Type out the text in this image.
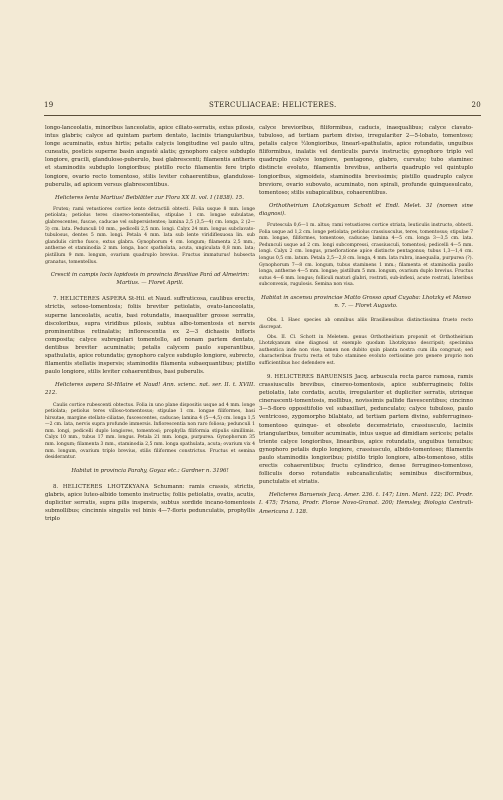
19	STERCULIACEAE: HELICTERES.	20

longo-lanceolatis, minoribus lanceolatis, apice ciliato-serratis, extus pilosis, intus glabris; calyce ad quintam partem dentato, laciniis triangularibus, longe acuminatis, extus hirtis; petalis calycis longitudine vel paulo ultra, cuneatis, posticis superne basin angustè alatis; gynophoro calyce subduplo longiore, gracili, glandulose-puberulo, basi glabrescenti; filamentis antheris et staminodiis subduplo longioribus; pistillo recto filamentis fere triplo longiore, ovario recto tomentoso, stilis leviter cohaerentibus, glandulose-puberulis, ad apicem versus glabrescentibus.

Helicteres lenta Martius! Beiblätter zur Flora XX II. vol. I (1838). 15.

Frutex; rami vetustiores cortice lento detractili obtecti. Folia usque 8 mm. longe petiolata; petiolus teres cinereo-tomentellus, stipulae 1 cm. longae subulatae, glabrescentes, fuscae, caducae vel subpersistentes; lamina 2,5 (3,5—4) cm. longa, 2 (2—3) cm. lata. Pedunculi 10 mm., pedicelli 2,5 mm. longi. Calyx 24 mm. longus subclavato-tubulosus, dentes 5 mm. longi. Petala 4 mm. lata sub lente viridiflexuosa lin. sub glandulis cirrho fusco, extus glabra. Gynophorum 4 cm. longum; filamenta 2,5 mm., antherae et staminodia 2 mm. longa, bacc spatholata, acuta, ungiculata 0,8 mm. lata; pistillum 9 mm. longum, ovarium quadruplo brevius. Fructus immaturus! hubsecta granatus, tomentellus.

Crescit in campis locis lapidosis in provincia Brasiliae Pará ad Almeirim: Martius. — Floret Aprili.

7. HELICTERES ASPERA St-Hil. et Naud. suffruticosa, caulibus erectis, strictis, setoso-tomentosis; foliis breviter petiolatis, ovato-lanceolatis, superne lanceolatis, acutis, basi rotundatis, inaequaliter grosse serratis, discoloribus, supra viridibus pilosis, subtus albo-tomentosis et nervis prominentibus retinalatis; inflorescentia ex 2—3 dichasiis bifloris composita; calyce subregulari tomentello, ad nonam partem dentato, dentibus breviter acuminatis; petalis calycem paulo superantibus, spathulatis, apice rotundatis; gynophoro calyce subduplo longiore, subrecto, filamentis stellatis inspersis; staminodiis filamenta subaequantibus; pistillo paulo longiore, stilis leviter cohaerentibus, basi puberulis.

Helicteres aspera St-Hilaire et Naud! Ann. scienc. nat. ser. II. t. XVIII. 212.

Caulis cortice rubescenti obtectus. Folia in uno plane dispositis usque ad 4 mm. longe petiolata; petiolus teres villoso-tomentosus; stipulae 1 cm. longae filiformes, basi hirsutae, margine stellato-ciliatae, fuscescentes, caducae; lamina 4 (5—4,5) cm. longa 1,5—2 cm. lata, nervis supra profunde immersis. Inflorescentia non raro foliosa; pedunculi 1 mm. longi, pedicelli duplo longiores, tomentosi; prophylla filiformia stipulis simillimis. Calyx 10 mm., tubus 17 mm. longus. Petala 21 mm. longa, purpurea. Gynophorum 35 mm. longum; filamenta 3 mm., staminodia 2,5 mm. longa spathulata, acuta; ovarium vix 4 mm. longum, ovarium triplo brevius, stilis filiformes constrictus. Fructus et semina desiderantur.

Habitat in provincia Parahy, Goyaz etc.: Gardner n. 3196!

8. HELICTERES LHOTZKYANA Schumann: ramis crassis, strictis, glabris, apice luteo-albido tomento instructis; foliis petiolatis, ovatis, acutis, dupliciter serratis, supra pilis inspersis, subtus sordide incano-tomentosis submollibus; cincinnis singulis vel binis 4—7-floris pedunculatis, prophyllis triplo

calyce brevioribus, filiformibus, caducis, inaequalibus; calyce clavato-tubuloso, ad tertiam partem diviso, irregulariter 2—5-lobato, tomentoso; petalis calyce ½longioribus, linearl-spathulatis, apice rotundatis, unguibus filiformibus, inalatis vel denticulis parvis instructis; gynophoro triplo vel quadruplo calyce longiore, pentagono, glabro, curvato; tubo staminec distincte evoluto, filamentis brevibus, antheris quadruplo vel quintuplo longioribus, sigmoideis, staminodiis brevissimis; pistillo quadruplo calyce breviore, ovario subovato, acuminato, non spirali, profunde quinquesulcato, tomentoso; stilis subapicalibus, cohaerentibus.

Orthotheirium Lhotzkyanum Schott et Endl. Melet. 31 (nomen sine diagnosi).

Frutescula 0,6—1 m. altus; rami vetustiores cortice striata, leuticulis instructo, obtecti. Folia usque ad 1,2 cm. longe petiolata; petiolus crassiusculus, teres, tomentosus; stipulae 7 mm. longae, filiformes, tomentose, caducae; lamina 4—5 cm. longa 3—3,5 cm. lata. Pedunculi usque ad 2 cm. longi subcompressi, crassiusculi, tomentosi; pedicelli 4—5 mm. longi. Calyx 2 cm. longus, praefloratione apice distincte pentagonus; tubus 1,3—1,4 cm. longus 0,5 cm. latum. Petala 2,5—2,8 cm. longa, 4 mm. lata rubra, inaequalia, purpurea (?). Gynophorum 7—8 cm. longum, tubus staminens 1 mm.; filamenta et staminodia paullo longa, antherae 4—5 mm. longae; pistillum 5 mm. longum, ovarium duplo brevius. Fructus sutus 4—6 mm. longus; folliculi maturi glabri, rostrati, sub-inflexi, acute rostrati, lateribus subconvexis, rugulosis. Semina non visa.

Habitat in ascensu provinciae Matto Grosso apud Cuyaba: Lhotzky et Manso n. 7. — Floret Augusto.

Obs. I. Haec species ab omnibus aliis Brasiliensibus distinctissima frueto recto discrepat.

Obs. II. Cl. Schott in Meletem. genus Orthotheirium proponit et Orthotheirium Lhotzkyanum sine diagnosi ut exemplo quodam Lhotzkyano descripsit; specimina authentica inde non vise, tamen non dubito quin planta nostra cum illa congruat; sed characteribus fructu recta et tubo stamineo evoluto certissime pro genere proprio non sufficientibus hoc defendere est.

9. HELICTERES BARUENSIS Jacq. arbuscula recta parce ramosa, ramis crassiusculis brevibus, cinereo-tomentosis, apice subferrugineis; foliis petiolatis, late cordatis, acutis, irregulariter et dupliciter serratis, utrinque cinerascenti-tomentosis, mollibus, novissimis pallide flavescentibus; cincinno 3—5-floro oppositifolio vel subaxillari, pedunculato; calyce tubuloso, paulo ventricoso, zygomorpho bilabiato, ad tertiam partem divino, subferrugineo-tomentoso quinque- et obsolete decemstriato, crassiusculo, laciniis triangularibus, tenuiter acuminatis, intus usque ad dimidiam sericeis; petalis triente calyce longioribus, linearibus, apice rotundatis, unguibus tenuibus; gynophoro petalis duplo longiore, crassiusculo, albido-tomentoso; filamentis paulo staminodiis longioribus; pistillo triplo longiore, albo-tomentoso, stilis erectis cohaerentibus; fructu cylindrico, dense ferrugineo-tomentoso, folliculis dorso rotundatis subcanaliculatis; seminibus disciformibus, punctulatis et striatis.

Helicteres Baruensis Jacq. Amer. 236. t. 147; Linn. Mant. 122; DC. Prodr. I. 475; Triana, Prodr. Florae Novo-Granat. 200; Hemsley, Biologia Centrali-Americana I. 128.
